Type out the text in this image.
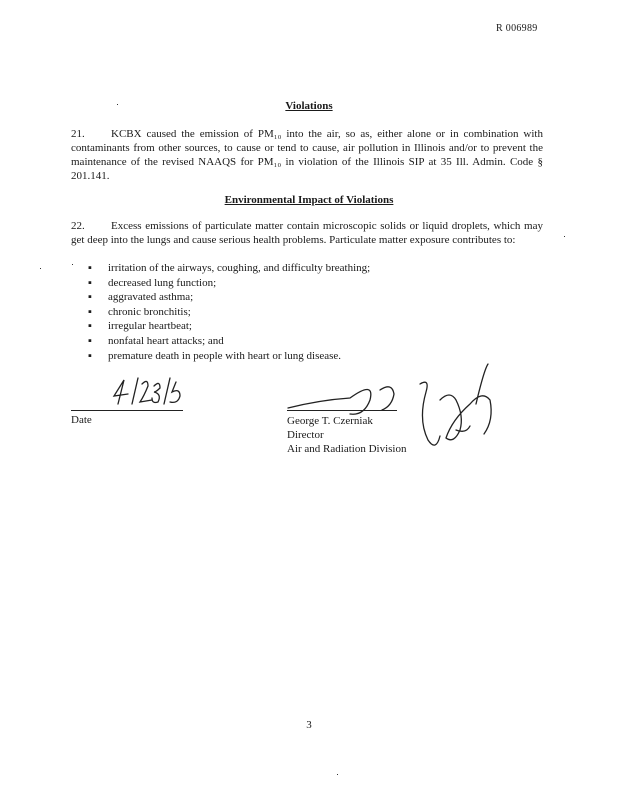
R 006989
Violations
21. KCBX caused the emission of PM₁₀ into the air, so as, either alone or in combination with contaminants from other sources, to cause or tend to cause, air pollution in Illinois and/or to prevent the maintenance of the revised NAAQS for PM₁₀ in violation of the Illinois SIP at 35 Ill. Admin. Code § 201.141.
Environmental Impact of Violations
22. Excess emissions of particulate matter contain microscopic solids or liquid droplets, which may get deep into the lungs and cause serious health problems. Particulate matter exposure contributes to:
▪ irritation of the airways, coughing, and difficulty breathing;
▪ decreased lung function;
▪ aggravated asthma;
▪ chronic bronchitis;
▪ irregular heartbeat;
▪ nonfatal heart attacks; and
▪ premature death in people with heart or lung disease.
Date	George T. Czerniak
Director
Air and Radiation Division
3
